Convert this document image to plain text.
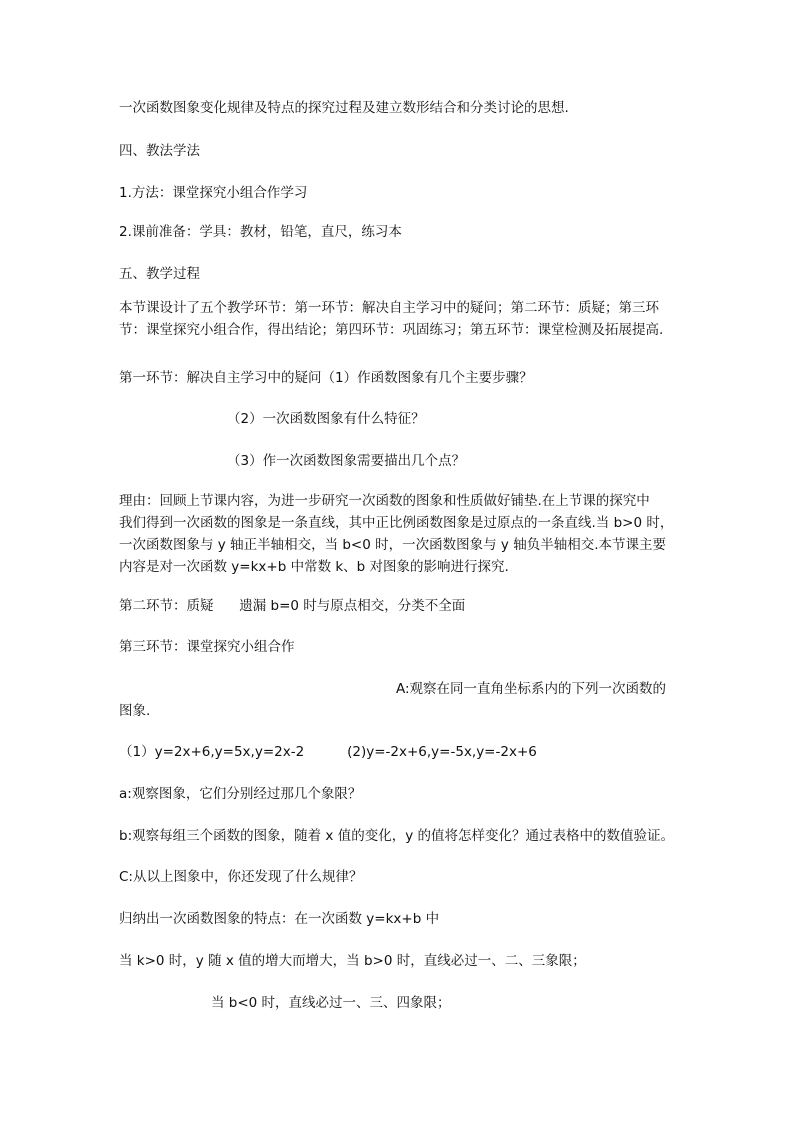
一次函数图象变化规律及特点的探究过程及建立数形结合和分类讨论的思想.
四、教法学法
1.方法：课堂探究小组合作学习
2.课前准备：学具：教材，铅笔，直尺，练习本
五、教学过程
本节课设计了五个教学环节：第一环节：解决自主学习中的疑问；第二环节：质疑；第三环
节：课堂探究小组合作，得出结论；第四环节：巩固练习；第五环节：课堂检测及拓展提高.
第一环节：解决自主学习中的疑问（1）作函数图象有几个主要步骤？
（2）一次函数图象有什么特征？
（3）作一次函数图象需要描出几个点？
理由：回顾上节课内容，为进一步研究一次函数的图象和性质做好铺垫.在上节课的探究中
我们得到一次函数的图象是一条直线，其中正比例函数图象是过原点的一条直线.当 b>0 时，
一次函数图象与 y 轴正半轴相交，当 b<0 时，一次函数图象与 y 轴负半轴相交.本节课主要
内容是对一次函数 y=kx+b 中常数 k、b 对图象的影响进行探究.
第二环节：质疑      遗漏 b=0 时与原点相交，分类不全面
第三环节：课堂探究小组合作
A:观察在同一直角坐标系内的下列一次函数的
图象.
（1）y=2x+6,y=5x,y=2x-2          (2)y=-2x+6,y=-5x,y=-2x+6
a:观察图象，它们分别经过那几个象限？
b:观察每组三个函数的图象，随着 x 值的变化，y 的值将怎样变化？通过表格中的数值验证。
C:从以上图象中，你还发现了什么规律？
归纳出一次函数图象的特点：在一次函数 y=kx+b 中
当 k>0 时，y 随 x 值的增大而增大，当 b>0 时，直线必过一、二、三象限；
当 b<0 时，直线必过一、三、四象限；
